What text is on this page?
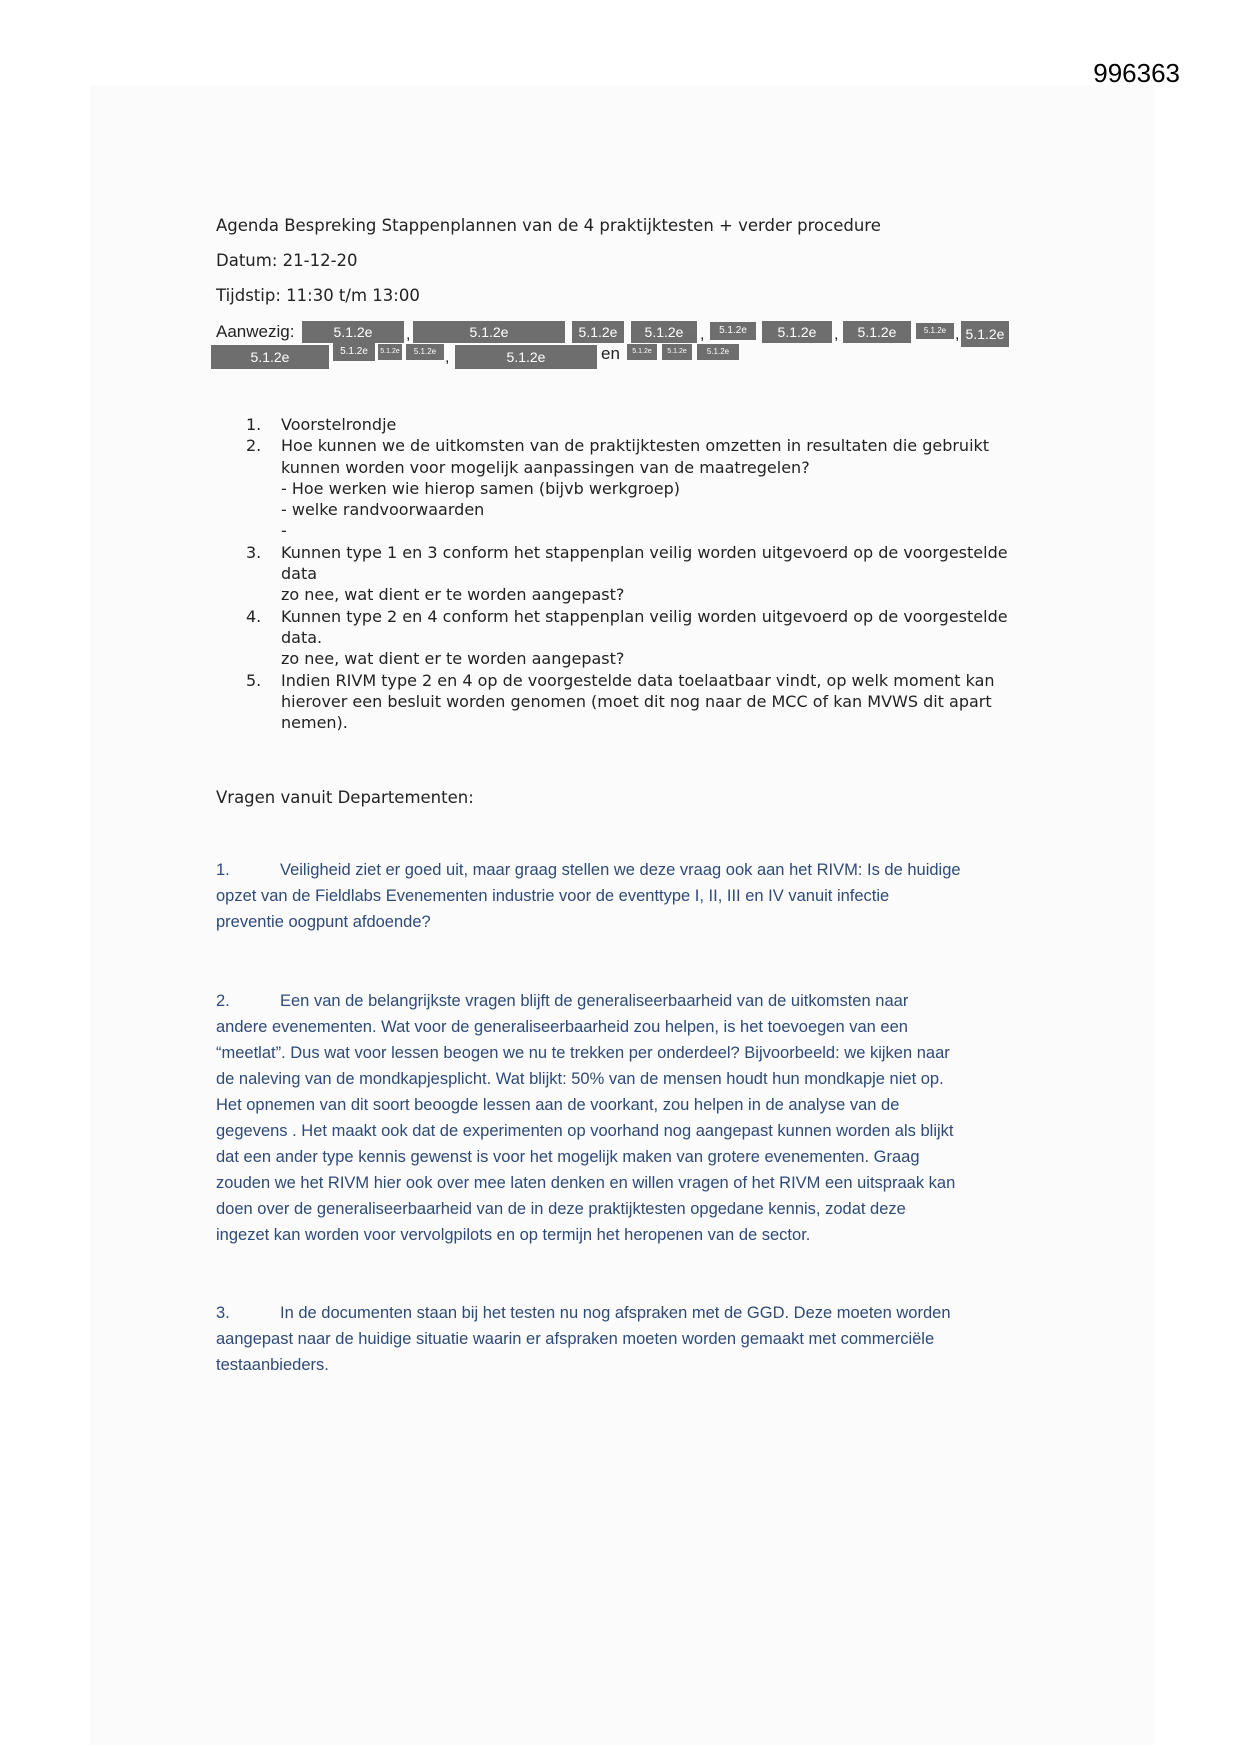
996363
Agenda Bespreking Stappenplannen van de 4 praktijktesten + verder procedure
Datum: 21-12-20
Tijdstip: 11:30 t/m 13:00
Aanwezig:	5.1.2e	,	5.1.2e	5.1.2e	5.1.2e 5.1. ,	5.1.2e	5.1.2e	,	5.1.2e	5.1.2e , 5.1.2e
5.1.2e	5.1.2e	5.1.2e	5.1.2e ,	5.1.2e	en	5.1.2e	5.1.2e	5.1.2e
1. Voorstelrondje
2. Hoe kunnen we de uitkomsten van de praktijktesten omzetten in resultaten die gebruikt
kunnen worden voor mogelijk aanpassingen van de maatregelen?
- Hoe werken wie hierop samen (bijvb werkgroep)
- welke randvoorwaarden
-
3. Kunnen type 1 en 3 conform het stappenplan veilig worden uitgevoerd op de voorgestelde
data
zo nee, wat dient er te worden aangepast?
4. Kunnen type 2 en 4 conform het stappenplan veilig worden uitgevoerd op de voorgestelde
data.
zo nee, wat dient er te worden aangepast?
5. Indien RIVM type 2 en 4 op de voorgestelde data toelaatbaar vindt, op welk moment kan
hierover een besluit worden genomen (moet dit nog naar de MCC of kan MVWS dit apart
nemen).
Vragen vanuit Departementen:
1.	Veiligheid ziet er goed uit, maar graag stellen we deze vraag ook aan het RIVM: Is de huidige
opzet van de Fieldlabs Evenementen industrie voor de eventtype I, II, III en IV vanuit infectie
preventie oogpunt afdoende?
2.	Een van de belangrijkste vragen blijft de generaliseerbaarheid van de uitkomsten naar
andere evenementen. Wat voor de generaliseerbaarheid zou helpen, is het toevoegen van een
“meetlat”. Dus wat voor lessen beogen we nu te trekken per onderdeel? Bijvoorbeeld: we kijken naar
de naleving van de mondkapjesplicht. Wat blijkt: 50% van de mensen houdt hun mondkapje niet op.
Het opnemen van dit soort beoogde lessen aan de voorkant, zou helpen in de analyse van de
gegevens . Het maakt ook dat de experimenten op voorhand nog aangepast kunnen worden als blijkt
dat een ander type kennis gewenst is voor het mogelijk maken van grotere evenementen. Graag
zouden we het RIVM hier ook over mee laten denken en willen vragen of het RIVM een uitspraak kan
doen over de generaliseerbaarheid van de in deze praktijktesten opgedane kennis, zodat deze
ingezet kan worden voor vervolgpilots en op termijn het heropenen van de sector.
3.	In de documenten staan bij het testen nu nog afspraken met de GGD. Deze moeten worden
aangepast naar de huidige situatie waarin er afspraken moeten worden gemaakt met commerciële
testaanbieders.
